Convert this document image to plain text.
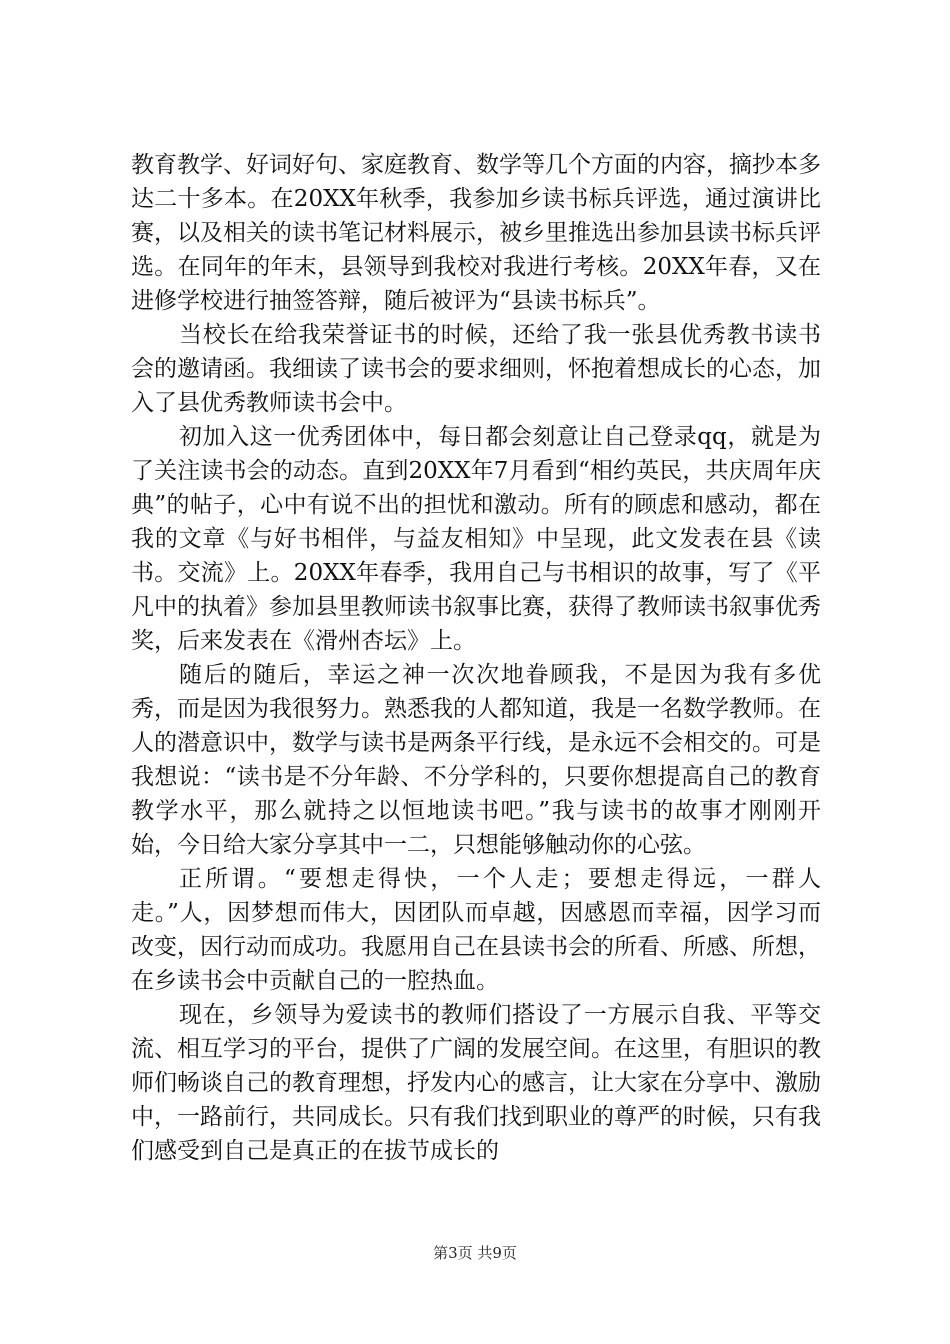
教育教学、好词好句、家庭教育、数学等几个方面的内容，摘抄本多达二十多本。在20XX年秋季，我参加乡读书标兵评选，通过演讲比赛，以及相关的读书笔记材料展示，被乡里推选出参加县读书标兵评选。在同年的年末，县领导到我校对我进行考核。20XX年春，又在进修学校进行抽签答辩，随后被评为“县读书标兵”。

当校长在给我荣誉证书的时候，还给了我一张县优秀教书读书会的邀请函。我细读了读书会的要求细则，怀抱着想成长的心态，加入了县优秀教师读书会中。

初加入这一优秀团体中，每日都会刻意让自己登录qq，就是为了关注读书会的动态。直到20XX年7月看到“相约英民，共庆周年庆典”的帖子，心中有说不出的担忧和激动。所有的顾虑和感动，都在我的文章《与好书相伴，与益友相知》中呈现，此文发表在县《读书。交流》上。20XX年春季，我用自己与书相识的故事，写了《平凡中的执着》参加县里教师读书叙事比赛，获得了教师读书叙事优秀奖，后来发表在《滑州杏坛》上。

随后的随后，幸运之神一次次地眷顾我，不是因为我有多优秀，而是因为我很努力。熟悉我的人都知道，我是一名数学教师。在人的潜意识中，数学与读书是两条平行线，是永远不会相交的。可是我想说：“读书是不分年龄、不分学科的，只要你想提高自己的教育教学水平，那么就持之以恒地读书吧。”我与读书的故事才刚刚开始，今日给大家分享其中一二，只想能够触动你的心弦。

正所谓。“要想走得快，一个人走；要想走得远，一群人走。”人，因梦想而伟大，因团队而卓越，因感恩而幸福，因学习而改变，因行动而成功。我愿用自己在县读书会的所看、所感、所想，在乡读书会中贡献自己的一腔热血。

现在，乡领导为爱读书的教师们搭设了一方展示自我、平等交流、相互学习的平台，提供了广阔的发展空间。在这里，有胆识的教师们畅谈自己的教育理想，抒发内心的感言，让大家在分享中、激励中，一路前行，共同成长。只有我们找到职业的尊严的时候，只有我们感受到自己是真正的在拔节成长的

第3页 共9页
